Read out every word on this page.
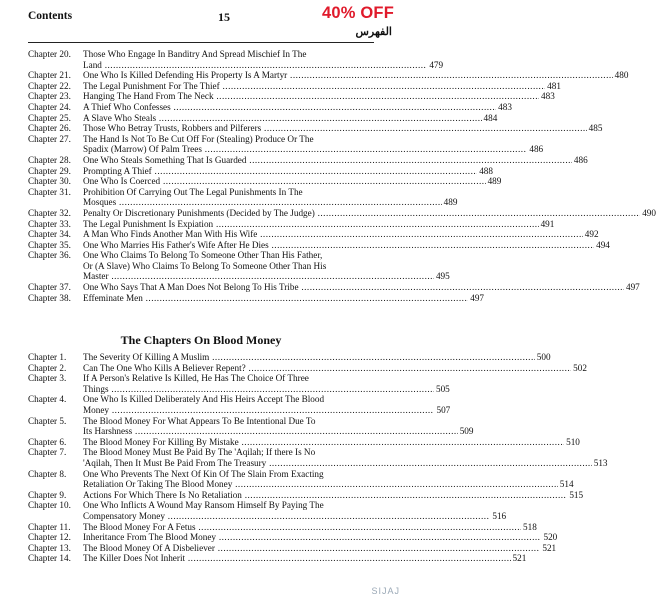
Contents	15
الفهرس
40% OFF
Chapter 20.	Those Who Engage In Banditry And Spread Mischief In The
Land .....	479
Chapter 21.	One Who Is Killed Defending His Property Is A Martyr .....	480
Chapter 22.	The Legal Punishment For The Thief .....	481
Chapter 23.	Hanging The Hand From The Neck .....	483
Chapter 24.	A Thief Who Confesses .....	483
Chapter 25.	A Slave Who Steals .....	484
Chapter 26.	Those Who Betray Trusts, Robbers and Pilferers .....	485
Chapter 27.	The Hand Is Not To Be Cut Off For (Stealing) Produce Or The
Spadix (Marrow) Of Palm Trees .....	486
Chapter 28.	One Who Steals Something That Is Guarded .....	486
Chapter 29.	Prompting A Thief .....	488
Chapter 30.	One Who Is Coerced .....	489
Chapter 31.	Prohibition Of Carrying Out The Legal Punishments In The
Mosques .....	489
Chapter 32.	Penalty Or Discretionary Punishments (Decided by The Judge) .....	490
Chapter 33.	The Legal Punishment Is Expiation .....	491
Chapter 34.	A Man Who Finds Another Man With His Wife .....	492
Chapter 35.	One Who Marries His Father's Wife After He Dies .....	494
Chapter 36.	One Who Claims To Belong To Someone Other Than His Father,
Or (A Slave) Who Claims To Belong To Someone Other Than His
Master .....	495
Chapter 37.	One Who Says That A Man Does Not Belong To His Tribe .....	497
Chapter 38.	Effeminate Men .....	497
The Chapters On Blood Money
Chapter 1.	The Severity Of Killing A Muslim .....	500
Chapter 2.	Can The One Who Kills A Believer Repent? .....	502
Chapter 3.	If A Person's Relative Is Killed, He Has The Choice Of Three
Things .....	505
Chapter 4.	One Who Is Killed Deliberately And His Heirs Accept The Blood
Money .....	507
Chapter 5.	The Blood Money For What Appears To Be Intentional Due To
Its Harshness .....	509
Chapter 6.	The Blood Money For Killing By Mistake .....	510
Chapter 7.	The Blood Money Must Be Paid By The 'Aqilah; If there Is No
'Aqilah, Then It Must Be Paid From The Treasury .....	513
Chapter 8.	One Who Prevents The Next Of Kin Of The Slain From Exacting
Retaliation Or Taking The Blood Money .....	514
Chapter 9.	Actions For Which There Is No Retaliation .....	515
Chapter 10.	One Who Inflicts A Wound May Ransom Himself By Paying The
Compensatory Money .....	516
Chapter 11.	The Blood Money For A Fetus .....	518
Chapter 12.	Inheritance From The Blood Money .....	520
Chapter 13.	The Blood Money Of A Disbeliever .....	521
Chapter 14.	The Killer Does Not Inherit .....	521
SIJAJ
